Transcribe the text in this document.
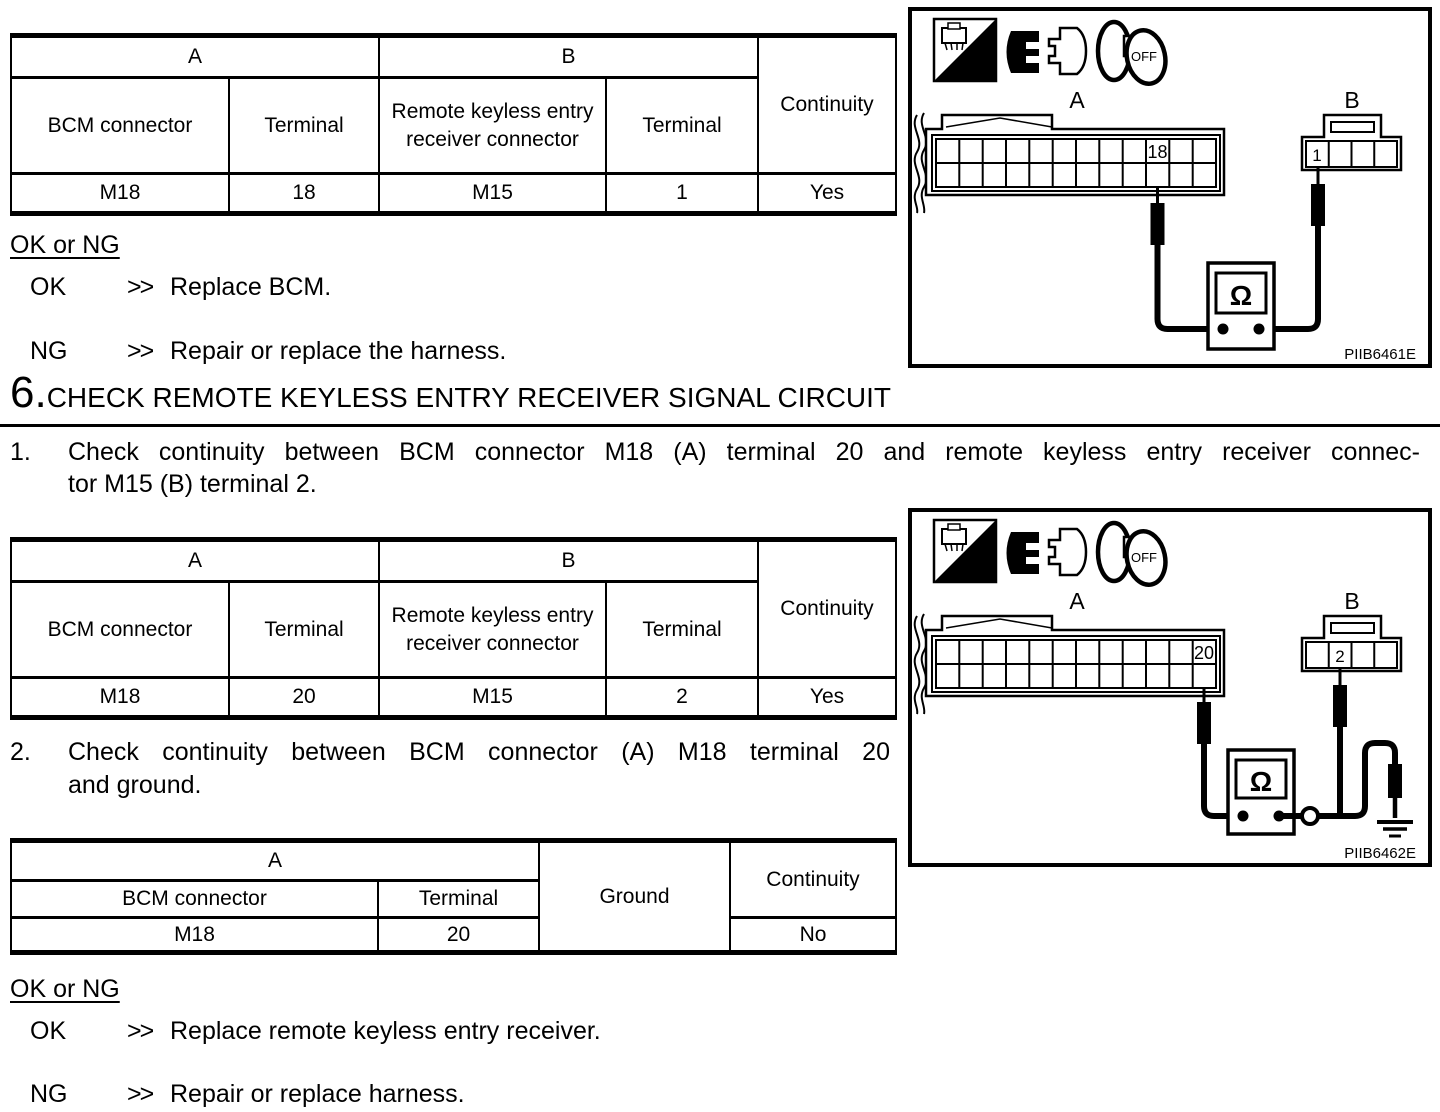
A		B		Continuity
BCM connector	Terminal	Remote keyless entry receiver connector	Terminal	
M18	18	M15	1	Yes
OK or NG
OK >> Replace BCM.
NG >> Repair or replace the harness.
6.CHECK REMOTE KEYLESS ENTRY RECEIVER SIGNAL CIRCUIT
1. Check continuity between BCM connector M18 (A) terminal 20 and remote keyless entry receiver connec-
tor M15 (B) terminal 2.
A		B		Continuity
BCM connector	Terminal	Remote keyless entry receiver connector	Terminal	
M18	20	M15	2	Yes
2. Check continuity between BCM connector (A) M18 terminal 20
and ground.
A		Ground	Continuity
BCM connector	Terminal		
M18	20		No
OK or NG
OK >> Replace remote keyless entry receiver.
NG >> Repair or replace harness.
H.S.
OFF
A
18
B
1
Ω
PIIB6461E
H.S.
OFF
A
20
B
2
Ω
PIIB6462E
